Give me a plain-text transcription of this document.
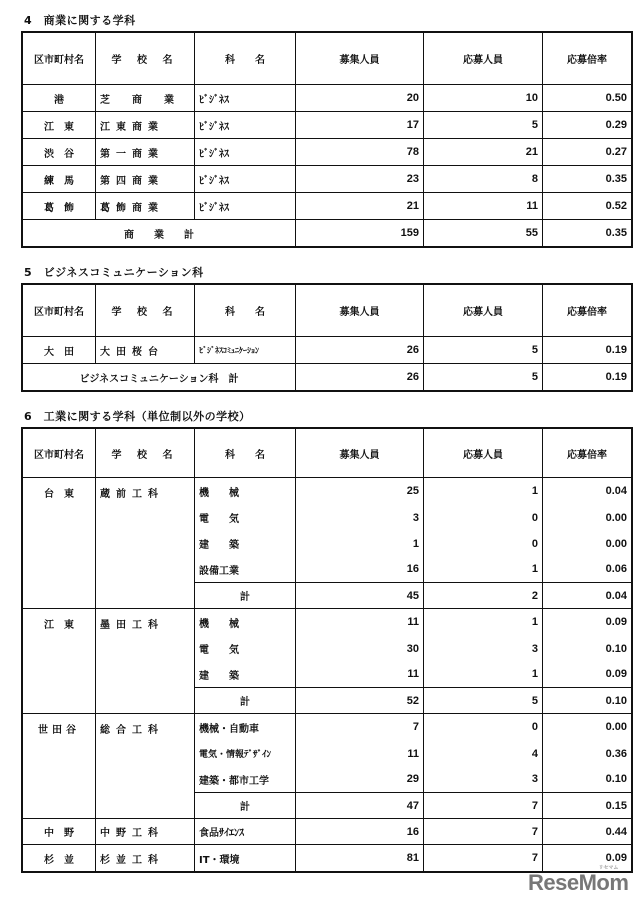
4　商業に関する学科
区市町村名	学 校 名	科　　名	募集人員	応募人員	応募倍率
港	芝　商　業	ﾋﾞｼﾞﾈｽ	20	10	0.50
江　東	江東商業	ﾋﾞｼﾞﾈｽ	17	5	0.29
渋　谷	第一商業	ﾋﾞｼﾞﾈｽ	78	21	0.27
練　馬	第四商業	ﾋﾞｼﾞﾈｽ	23	8	0.35
葛　飾	葛飾商業	ﾋﾞｼﾞﾈｽ	21	11	0.52
商　　業　　計			159	55	0.35
5　ビジネスコミュニケーション科
区市町村名	学 校 名	科　　名	募集人員	応募人員	応募倍率
大　田	大田桜台	ﾋﾞｼﾞﾈｽｺﾐｭﾆｹｰｼｮﾝ	26	5	0.19
ビジネスコミュニケーション科　計			26	5	0.19
6　工業に関する学科（単位制以外の学校）
区市町村名	学 校 名	科　　名	募集人員	応募人員	応募倍率
台　東	蔵前工科	機　　械	25	1	0.04
		電　　気	3	0	0.00
		建　　築	1	0	0.00
		設備工業	16	1	0.06
		計	45	2	0.04
江　東	墨田工科	機　　械	11	1	0.09
		電　　気	30	3	0.10
		建　　築	11	1	0.09
		計	52	5	0.10
世田谷	総合工科	機械・自動車	7	0	0.00
		電気・情報ﾃﾞｻﾞｲﾝ	11	4	0.36
		建築・都市工学	29	3	0.10
		計	47	7	0.15
中　野	中野工科	食品ｻｲｴﾝｽ	16	7	0.44
杉　並	杉並工科	IT・環境	81	7	0.09
リセマム
ReseMom
